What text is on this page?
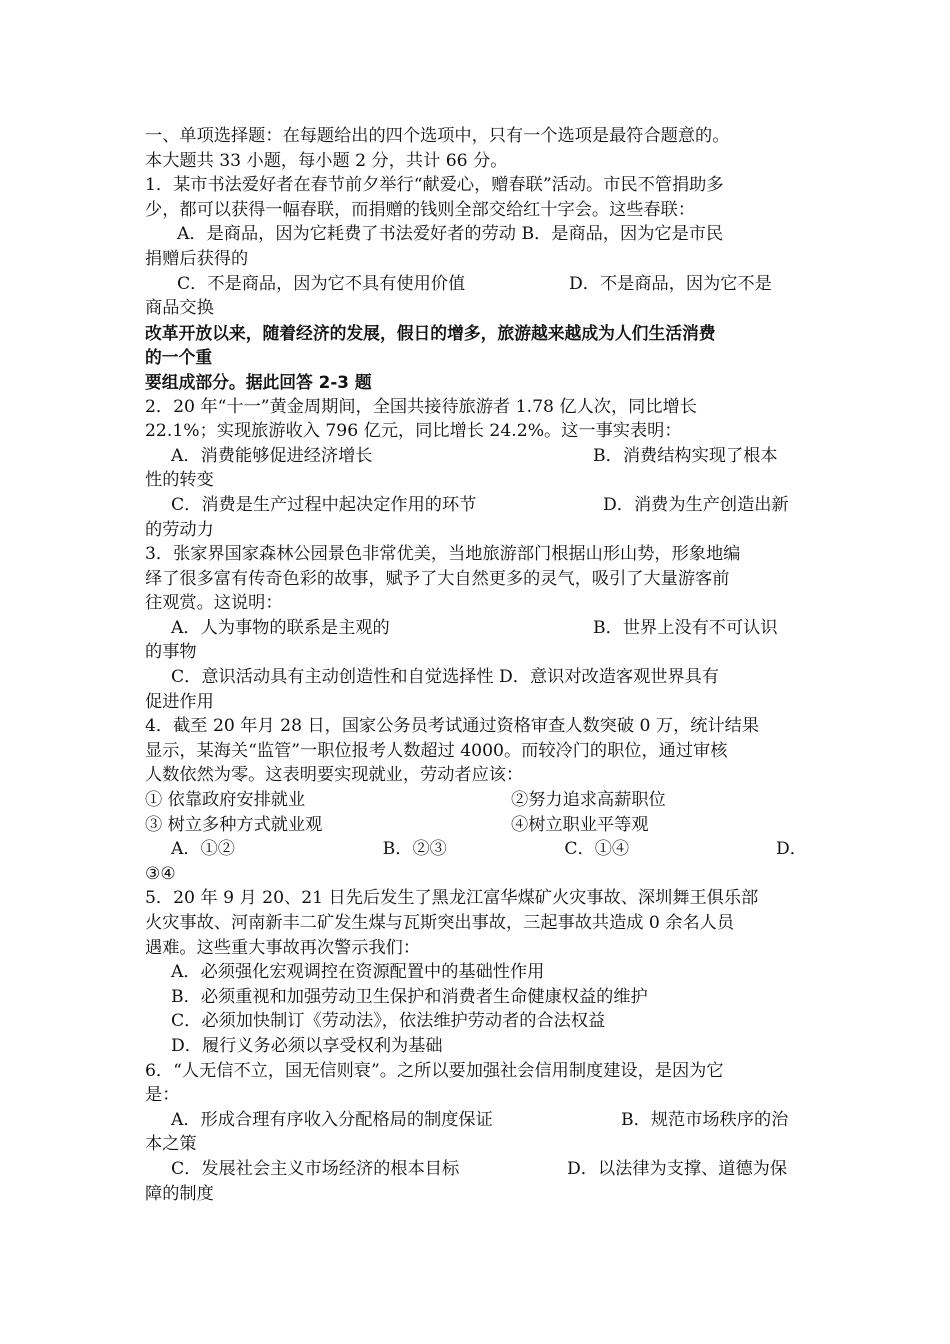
一、单项选择题：在每题给出的四个选项中，只有一个选项是最符合题意的。
本大题共 33 小题，每小题 2 分，共计 66 分。
1．某市书法爱好者在春节前夕举行“献爱心，赠春联”活动。市民不管捐助多
少，都可以获得一幅春联，而捐赠的钱则全部交给红十字会。这些春联：
A．是商品，因为它耗费了书法爱好者的劳动 B．是商品，因为它是市民
捐赠后获得的
C．不是商品，因为它不具有使用价值	D．不是商品，因为它不是
商品交换
改革开放以来，随着经济的发展，假日的增多，旅游越来越成为人们生活消费
的一个重
要组成部分。据此回答 2-3 题
2．20 年“十一”黄金周期间，全国共接待旅游者 1.78 亿人次，同比增长
22.1%；实现旅游收入 796 亿元，同比增长 24.2%。这一事实表明：
A．消费能够促进经济增长	B．消费结构实现了根本
性的转变
C．消费是生产过程中起决定作用的环节	D．消费为生产创造出新
的劳动力
3．张家界国家森林公园景色非常优美，当地旅游部门根据山形山势，形象地编
绎了很多富有传奇色彩的故事，赋予了大自然更多的灵气，吸引了大量游客前
往观赏。这说明：
A．人为事物的联系是主观的	B．世界上没有不可认识
的事物
C．意识活动具有主动创造性和自觉选择性 D．意识对改造客观世界具有
促进作用
4．截至 20 年月 28 日，国家公务员考试通过资格审查人数突破 0 万，统计结果
显示，某海关“监管”一职位报考人数超过 4000。而较冷门的职位，通过审核
人数依然为零。这表明要实现就业，劳动者应该：
① 依靠政府安排就业	②努力追求高薪职位
③ 树立多种方式就业观	④树立职业平等观
A．①②	B．②③	C．①④	D．
③④
5．20 年 9 月 20、21 日先后发生了黑龙江富华煤矿火灾事故、深圳舞王俱乐部
火灾事故、河南新丰二矿发生煤与瓦斯突出事故，三起事故共造成 0 余名人员
遇难。这些重大事故再次警示我们：
A．必须强化宏观调控在资源配置中的基础性作用
B．必须重视和加强劳动卫生保护和消费者生命健康权益的维护
C．必须加快制订《劳动法》，依法维护劳动者的合法权益
D．履行义务必须以享受权利为基础
6．“人无信不立，国无信则衰”。之所以要加强社会信用制度建设，是因为它
是：
A．形成合理有序收入分配格局的制度保证	B．规范市场秩序的治
本之策
C．发展社会主义市场经济的根本目标	D．以法律为支撑、道德为保
障的制度
